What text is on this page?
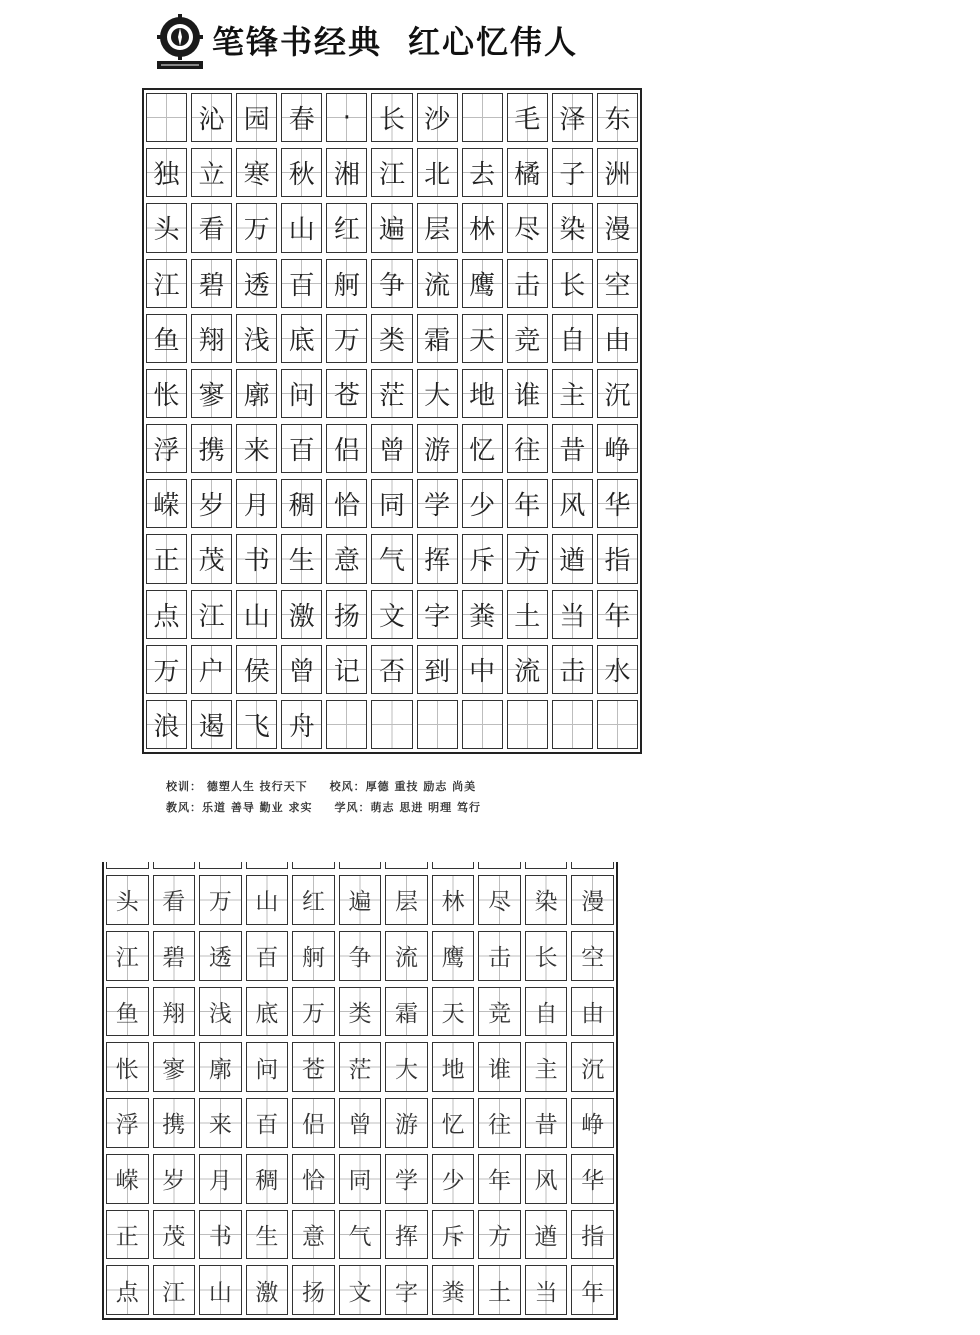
笔锋书经典 红心忆伟人
沁 园 春 · 长 沙 毛 泽 东
独 立 寒 秋 湘 江 北 去 橘 子 洲
头 看 万 山 红 遍 层 林 尽 染 漫
江 碧 透 百 舸 争 流 鹰 击 长 空
鱼 翔 浅 底 万 类 霜 天 竞 自 由
怅 寥 廓 问 苍 茫 大 地 谁 主 沉
浮 携 来 百 侣 曾 游 忆 往 昔 峥
嵘 岁 月 稠 恰 同 学 少 年 风 华
正 茂 书 生 意 气 挥 斥 方 遒 指
点 江 山 激 扬 文 字 粪 土 当 年
万 户 侯 曾 记 否 到 中 流 击 水
浪 遏 飞 舟
校训： 德塑人生 技行天下 校风：厚德 重技 励志 尚美
教风：乐道 善导 勤业 求实 学风：萌志 思进 明理 笃行
头 看 万 山 红 遍 层 林 尽 染 漫
江 碧 透 百 舸 争 流 鹰 击 长 空
鱼 翔 浅 底 万 类 霜 天 竞 自 由
怅 寥 廓 问 苍 茫 大 地 谁 主 沉
浮 携 来 百 侣 曾 游 忆 往 昔 峥
嵘 岁 月 稠 恰 同 学 少 年 风 华
正 茂 书 生 意 气 挥 斥 方 遒 指
点 江 山 激 扬 文 字 粪 土 当 年
